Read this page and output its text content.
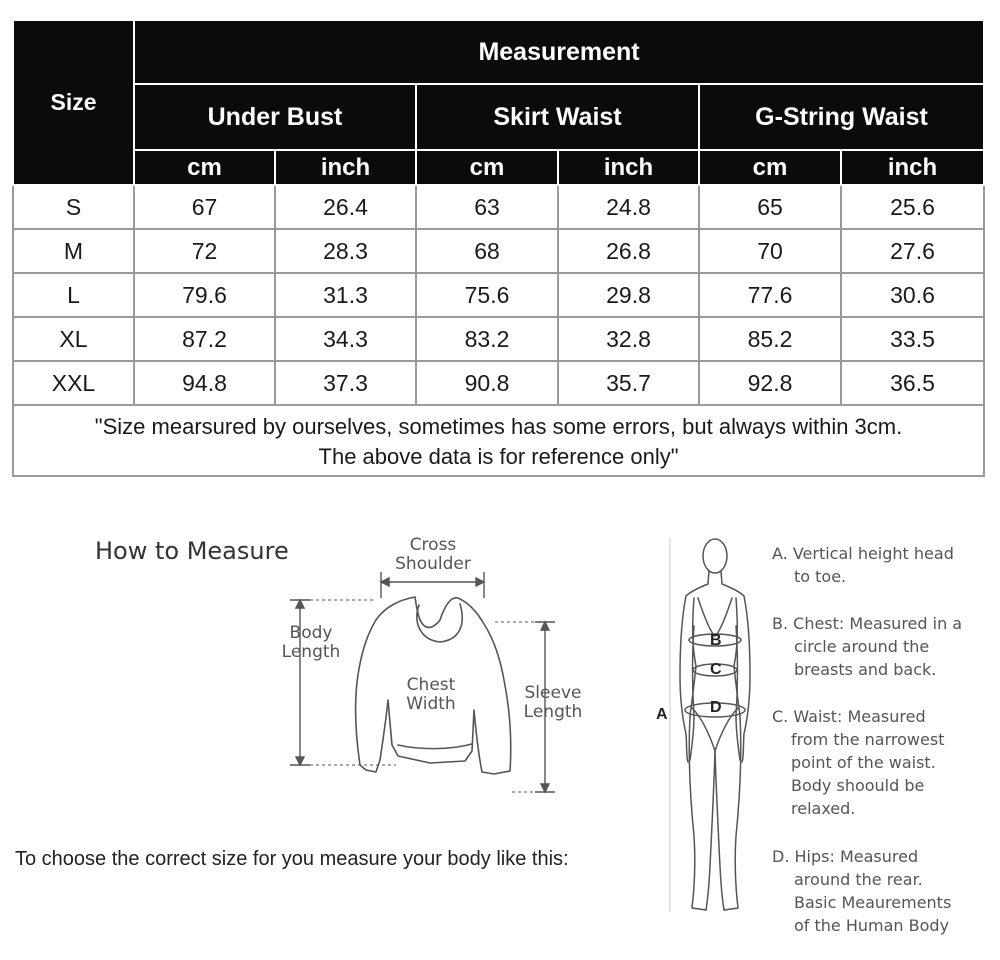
Size	Measurement					
	Under Bust		Skirt Waist		G-String Waist	
	cm	inch	cm	inch	cm	inch
S	67	26.4	63	24.8	65	25.6
M	72	28.3	68	26.8	70	27.6
L	79.6	31.3	75.6	29.8	77.6	30.6
XL	87.2	34.3	83.2	32.8	85.2	33.5
XXL	94.8	37.3	90.8	35.7	92.8	36.5

"Size mearsured by ourselves, sometimes has some errors, but always within 3cm.
The above data is for reference only"						
How to Measure	Cross
Shoulder
Body
Length
Chest
Width
Sleeve
Length
To choose the correct size for you measure your body like this:
A
B
C
D
A. Vertical height head
to toe.
B. Chest: Measured in a
circle around the
breasts and back.
C. Waist: Measured
from the narrowest
point of the waist.
Body shoould be
relaxed.
D. Hips: Measured
around the rear.
Basic Meaurements
of the Human Body
